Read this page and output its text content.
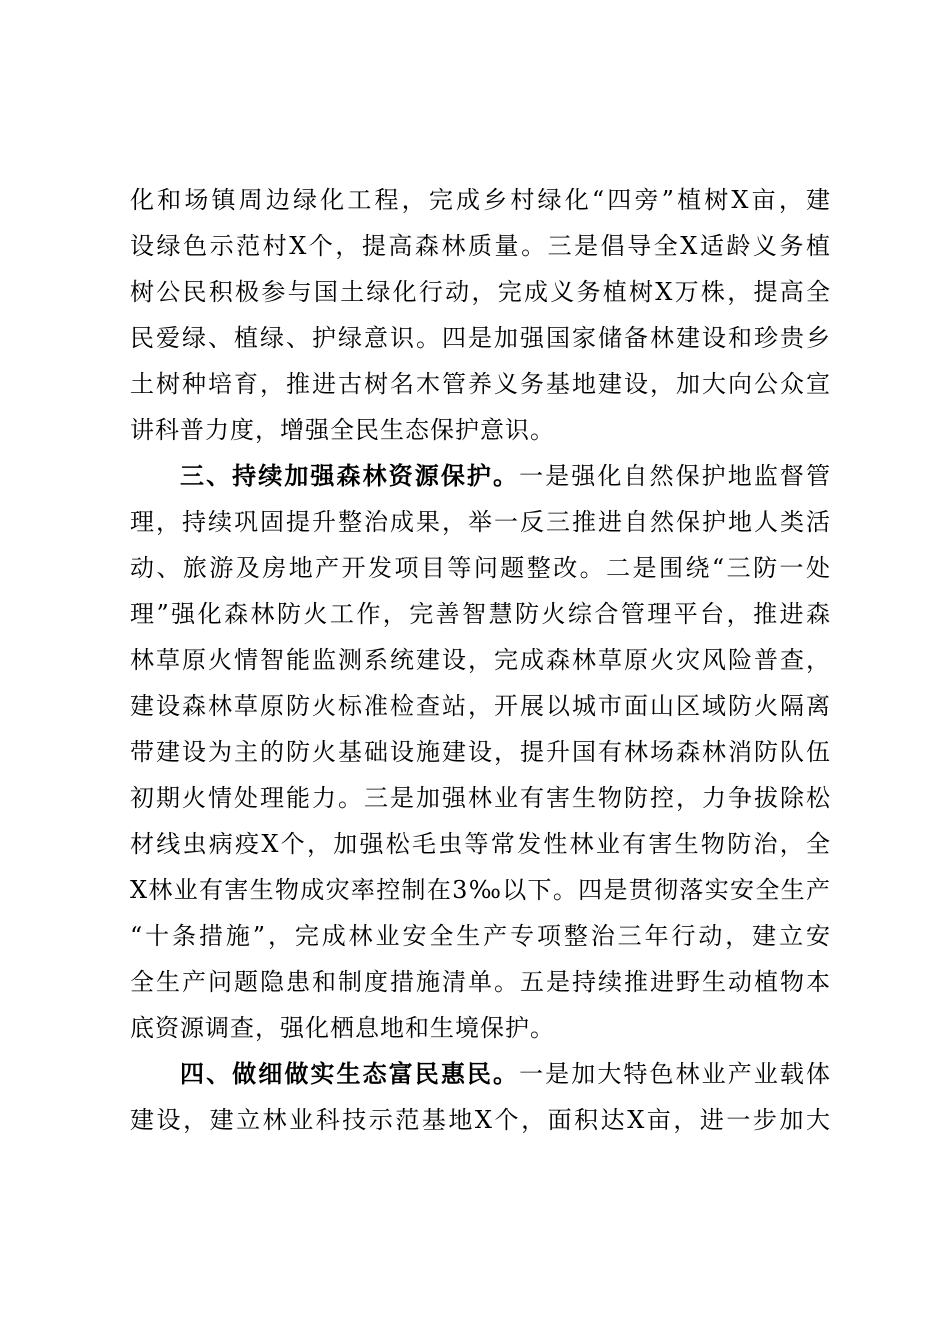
化和场镇周边绿化工程，完成乡村绿化“四旁”植树X亩，建
设绿色示范村X个，提高森林质量。三是倡导全X适龄义务植
树公民积极参与国土绿化行动，完成义务植树X万株，提高全
民爱绿、植绿、护绿意识。四是加强国家储备林建设和珍贵乡
土树种培育，推进古树名木管养义务基地建设，加大向公众宣
讲科普力度，增强全民生态保护意识。
三、持续加强森林资源保护。一是强化自然保护地监督管
理，持续巩固提升整治成果，举一反三推进自然保护地人类活
动、旅游及房地产开发项目等问题整改。二是围绕“三防一处
理”强化森林防火工作，完善智慧防火综合管理平台，推进森
林草原火情智能监测系统建设，完成森林草原火灾风险普查，
建设森林草原防火标准检查站，开展以城市面山区域防火隔离
带建设为主的防火基础设施建设，提升国有林场森林消防队伍
初期火情处理能力。三是加强林业有害生物防控，力争拔除松
材线虫病疫X个，加强松毛虫等常发性林业有害生物防治，全
X林业有害生物成灾率控制在3‰以下。四是贯彻落实安全生产
“十条措施”，完成林业安全生产专项整治三年行动，建立安
全生产问题隐患和制度措施清单。五是持续推进野生动植物本
底资源调查，强化栖息地和生境保护。
四、做细做实生态富民惠民。一是加大特色林业产业载体
建设，建立林业科技示范基地X个，面积达X亩，进一步加大
